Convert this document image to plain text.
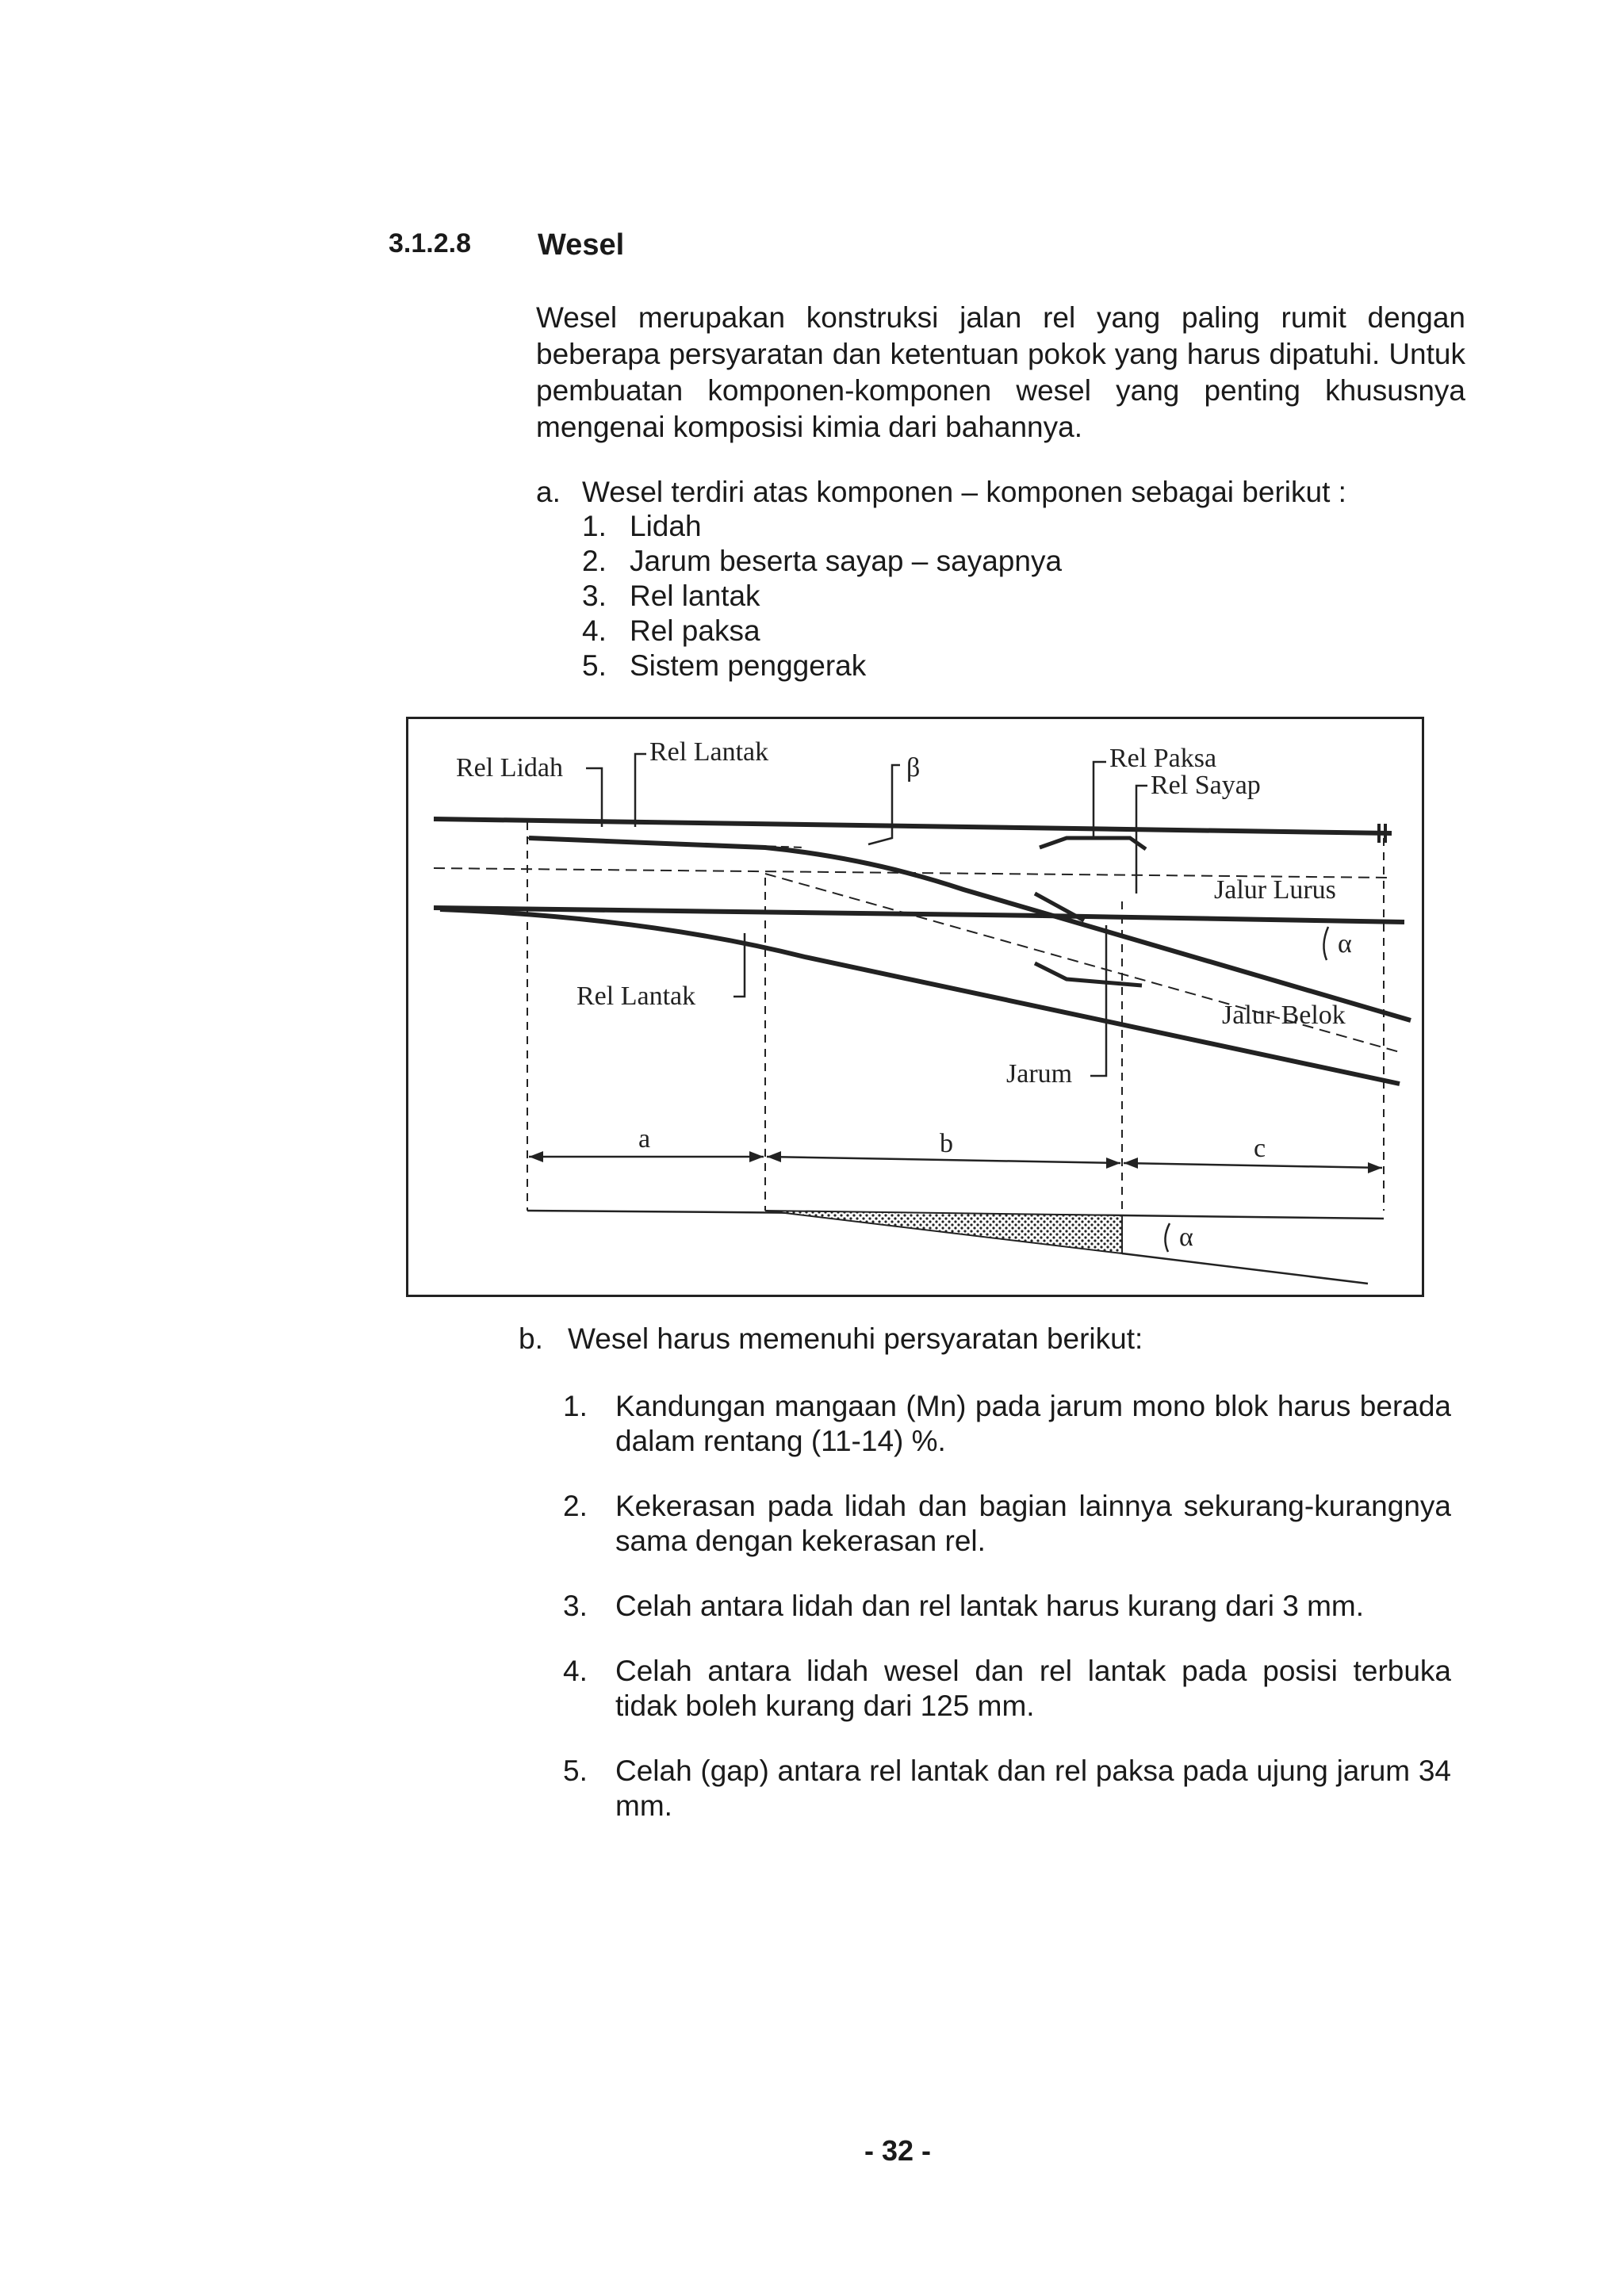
3.1.2.8 Wesel
Wesel merupakan konstruksi jalan rel yang paling rumit dengan beberapa persyaratan dan ketentuan pokok yang harus dipatuhi. Untuk pembuatan komponen-komponen wesel yang penting khususnya mengenai komposisi kimia dari bahannya.
a. Wesel terdiri atas komponen – komponen sebagai berikut :
1. Lidah
2. Jarum beserta sayap – sayapnya
3. Rel lantak
4. Rel paksa
5. Sistem penggerak
Rel Lidah
Rel Lantak
β	Rel Paksa
Rel Sayap
Jalur Lurus
α
Rel Lantak
Jalur Belok
Jarum
a	b	c
α
b. Wesel harus memenuhi persyaratan berikut:
1. Kandungan mangaan (Mn) pada jarum mono blok harus berada dalam rentang (11-14) %.
2. Kekerasan pada lidah dan bagian lainnya sekurang-kurangnya sama dengan kekerasan rel.
3. Celah antara lidah dan rel lantak harus kurang dari 3 mm.
4. Celah antara lidah wesel dan rel lantak pada posisi terbuka tidak boleh kurang dari 125 mm.
5. Celah (gap) antara rel lantak dan rel paksa pada ujung jarum 34 mm.
- 32 -
